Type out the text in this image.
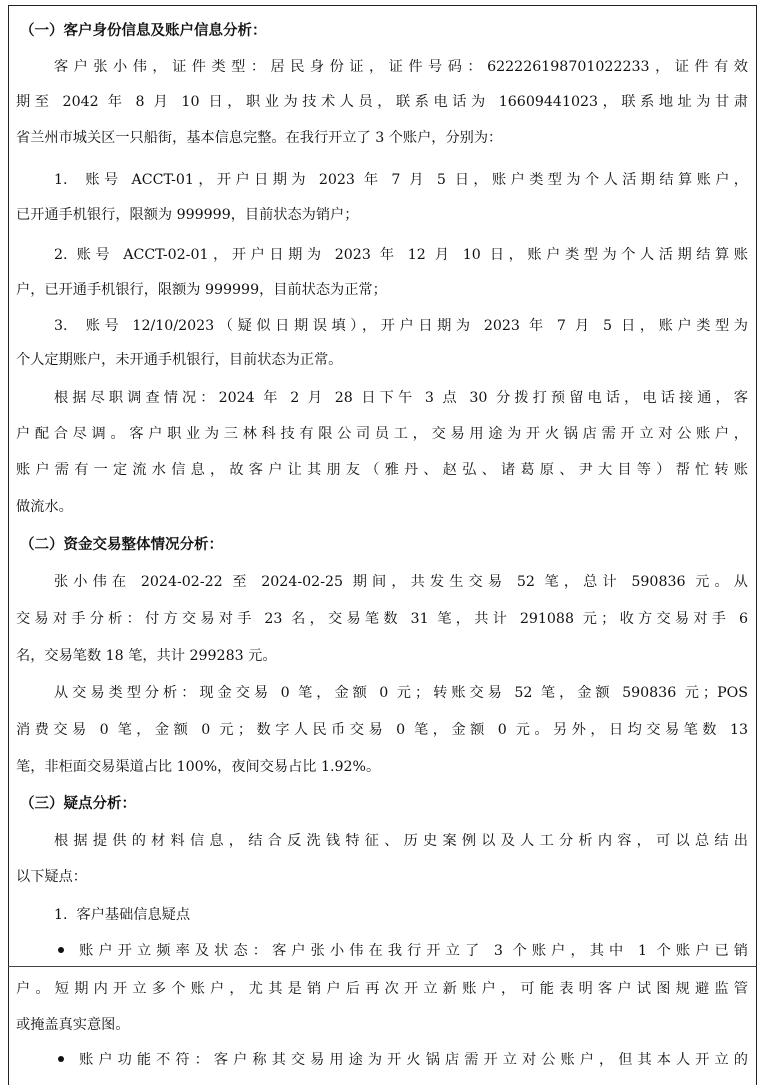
（一）客户身份信息及账户信息分析：
客户张小伟，证件类型：居民身份证，证件号码：622226198701022233，证件有效
期至 2042 年 8 月 10 日，职业为技术人员，联系电话为 16609441023，联系地址为甘肃
省兰州市城关区一只船街，基本信息完整。在我行开立了 3 个账户，分别为：
1.  账号 ACCT-01，开户日期为 2023 年 7 月 5 日，账户类型为个人活期结算账户，
已开通手机银行，限额为 999999，目前状态为销户；
2. 账号 ACCT-02-01，开户日期为 2023 年 12 月 10 日，账户类型为个人活期结算账
户，已开通手机银行，限额为 999999，目前状态为正常；
3.  账号 12/10/2023（疑似日期误填），开户日期为 2023 年 7 月 5 日，账户类型为
个人定期账户，未开通手机银行，目前状态为正常。
根据尽职调查情况：2024 年 2 月 28 日下午 3 点 30 分拨打预留电话，电话接通，客
户配合尽调。客户职业为三林科技有限公司员工，交易用途为开火锅店需开立对公账户，
账户需有一定流水信息，故客户让其朋友（雅丹、赵弘、诸葛原、尹大目等）帮忙转账
做流水。
（二）资金交易整体情况分析：
张小伟在 2024-02-22 至 2024-02-25 期间，共发生交易 52 笔，总计 590836 元。从
交易对手分析：付方交易对手 23 名，交易笔数 31 笔，共计 291088 元；收方交易对手 6
名，交易笔数 18 笔，共计 299283 元。
从交易类型分析：现金交易 0 笔，金额 0 元；转账交易 52 笔，金额 590836 元；POS
消费交易 0 笔，金额 0 元；数字人民币交易 0 笔，金额 0 元。另外，日均交易笔数 13
笔，非柜面交易渠道占比 100%，夜间交易占比 1.92%。
（三）疑点分析：
根据提供的材料信息，结合反洗钱特征、历史案例以及人工分析内容，可以总结出
以下疑点：
1.  客户基础信息疑点
账户开立频率及状态：客户张小伟在我行开立了 3 个账户，其中 1 个账户已销
户。短期内开立多个账户，尤其是销户后再次开立新账户，可能表明客户试图规避监管
或掩盖真实意图。
账户功能不符：客户称其交易用途为开火锅店需开立对公账户，但其本人开立的
